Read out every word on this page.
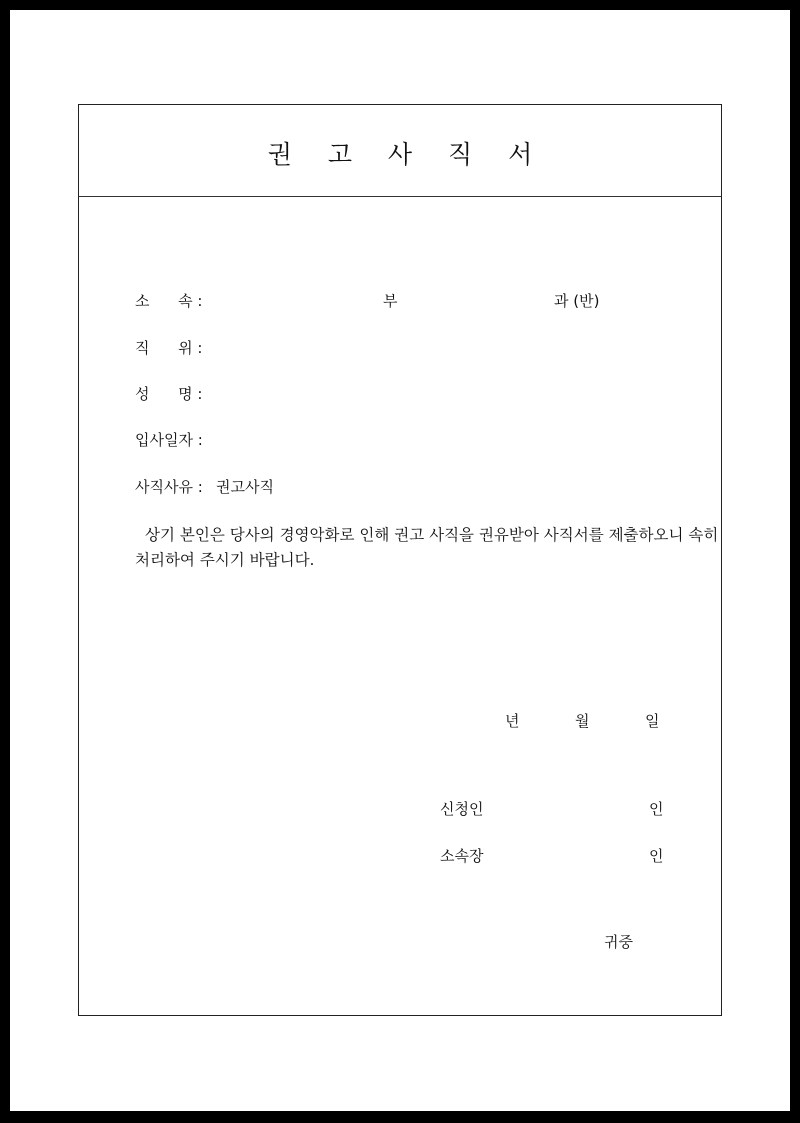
권 고 사 직 서
소      속 :	부	과 (반)
직      위 :
성      명 :
입사일자 :
사직사유 : 권고사직
상기 본인은 당사의 경영악화로 인해 권고 사직을 권유받아 사직서를 제출하오니 속히 처리하여 주시기 바랍니다.
년	월	일
신청인	인
소속장	인
귀중
